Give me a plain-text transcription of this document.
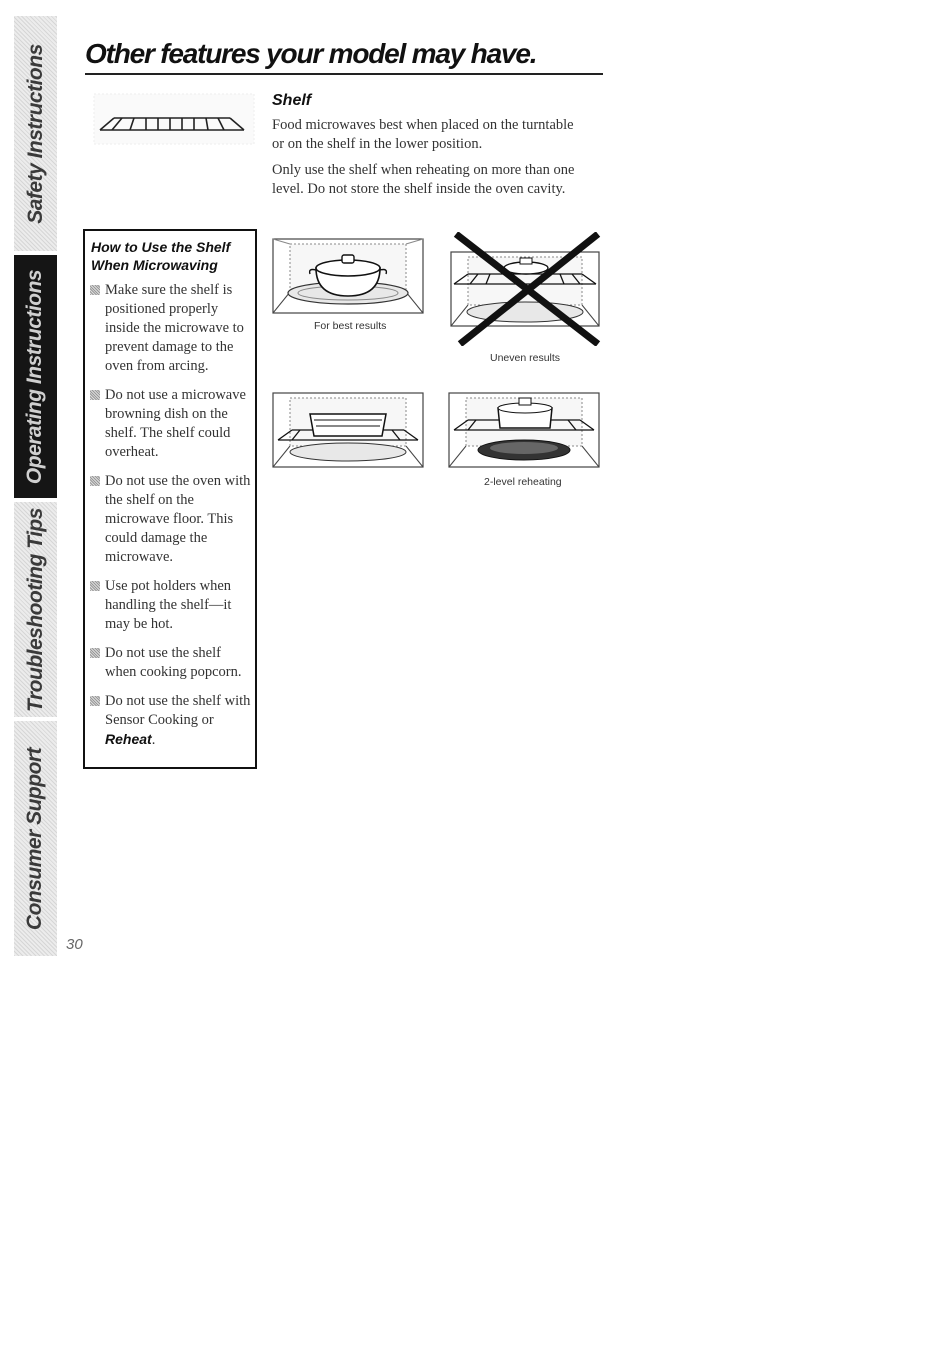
Safety Instructions
Operating Instructions
Troubleshooting Tips
Consumer Support
Other features your model may have.
Shelf
Food microwaves best when placed on the turntable or on the shelf in the lower position.
Only use the shelf when reheating on more than one level. Do not store the shelf inside the oven cavity.
How to Use the Shelf
When Microwaving
Make sure the shelf is positioned properly inside the microwave to prevent damage to the oven from arcing.
Do not use a microwave browning dish on the shelf. The shelf could overheat.
Do not use the oven with the shelf on the microwave floor. This could damage the microwave.
Use pot holders when handling the shelf—it may be hot.
Do not use the shelf when cooking popcorn.
Do not use the shelf with Sensor Cooking or Reheat.
For best results
Uneven results
2-level reheating
30
